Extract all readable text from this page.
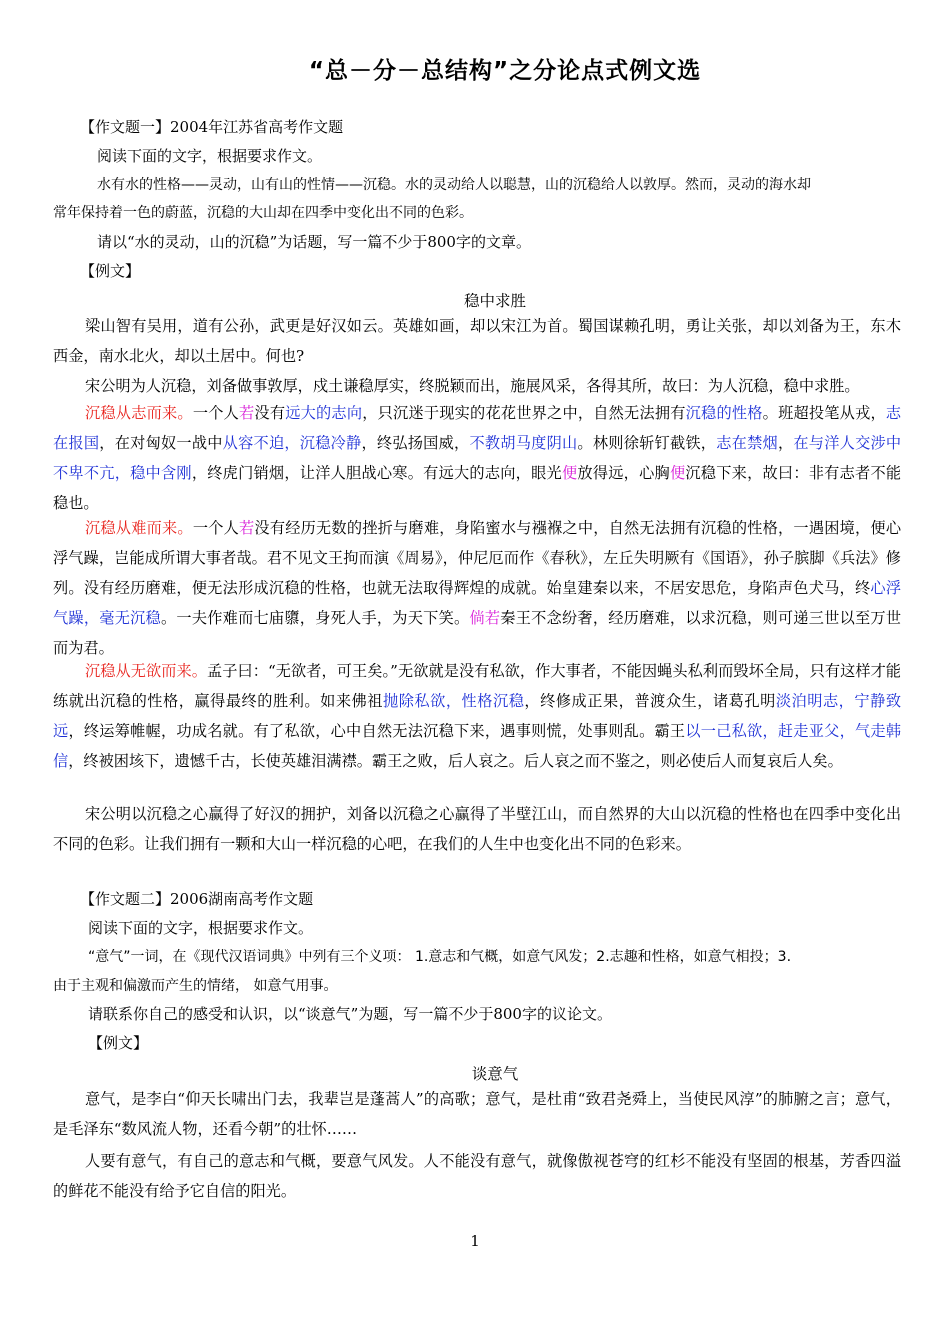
“总－分－总结构”之分论点式例文选
【作文题一】2004年江苏省高考作文题
阅读下面的文字，根据要求作文。
水有水的性格——灵动，山有山的性情——沉稳。水的灵动给人以聪慧，山的沉稳给人以敦厚。然而，灵动的海水却
常年保持着一色的蔚蓝，沉稳的大山却在四季中变化出不同的色彩。
请以“水的灵动，山的沉稳”为话题，写一篇不少于800字的文章。
【例文】
稳中求胜
梁山智有吴用，道有公孙，武更是好汉如云。英雄如画，却以宋江为首。蜀国谋赖孔明，勇让关张，却以刘备为王，东木西金，南水北火，却以土居中。何也?
宋公明为人沉稳，刘备做事敦厚，戍土谦稳厚实，终脱颖而出，施展风采，各得其所，故曰：为人沉稳，稳中求胜。
沉稳从志而来。一个人若没有远大的志向，只沉迷于现实的花花世界之中，自然无法拥有沉稳的性格。班超投笔从戎，志在报国，在对匈奴一战中从容不迫，沉稳冷静，终弘扬国威，不教胡马度阴山。林则徐斩钉截铁，志在禁烟，在与洋人交涉中不卑不亢，稳中含刚，终虎门销烟，让洋人胆战心寒。有远大的志向，眼光便放得远，心胸便沉稳下来，故曰：非有志者不能稳也。
沉稳从难而来。一个人若没有经历无数的挫折与磨难，身陷蜜水与襁褓之中，自然无法拥有沉稳的性格，一遇困境，便心浮气躁，岂能成所谓大事者哉。君不见文王拘而演《周易》，仲尼厄而作《春秋》，左丘失明厥有《国语》，孙子膑脚《兵法》修列。没有经历磨难，便无法形成沉稳的性格，也就无法取得辉煌的成就。始皇建秦以来，不居安思危，身陷声色犬马，终心浮气躁，毫无沉稳。一夫作难而七庙隳，身死人手，为天下笑。倘若秦王不念纷奢，经历磨难，以求沉稳，则可递三世以至万世而为君。
沉稳从无欲而来。孟子曰：“无欲者，可王矣。”无欲就是没有私欲，作大事者，不能因蝇头私利而毁坏全局，只有这样才能练就出沉稳的性格，赢得最终的胜利。如来佛祖抛除私欲，性格沉稳，终修成正果，普渡众生，诸葛孔明淡泊明志，宁静致远，终运筹帷幄，功成名就。有了私欲，心中自然无法沉稳下来，遇事则慌，处事则乱。霸王以一己私欲，赶走亚父，气走韩信，终被困垓下，遗憾千古，长使英雄泪满襟。霸王之败，后人哀之。后人哀之而不鉴之，则必使后人而复哀后人矣。
宋公明以沉稳之心赢得了好汉的拥护，刘备以沉稳之心赢得了半壁江山，而自然界的大山以沉稳的性格也在四季中变化出不同的色彩。让我们拥有一颗和大山一样沉稳的心吧，在我们的人生中也变化出不同的色彩来。
【作文题二】2006湖南高考作文题
阅读下面的文字，根据要求作文。
“意气”一词，在《现代汉语词典》中列有三个义项： 1.意志和气概，如意气风发；2.志趣和性格，如意气相投；3.
由于主观和偏激而产生的情绪， 如意气用事。
请联系你自己的感受和认识，以“谈意气”为题，写一篇不少于800字的议论文。
【例文】
谈意气
意气，是李白“仰天长啸出门去，我辈岂是蓬蒿人”的高歌；意气，是杜甫“致君尧舜上，当使民风淳”的肺腑之言；意气，是毛泽东“数风流人物，还看今朝”的壮怀……
人要有意气，有自己的意志和气概，要意气风发。人不能没有意气，就像傲视苍穹的红杉不能没有坚固的根基，芳香四溢的鲜花不能没有给予它自信的阳光。
1
